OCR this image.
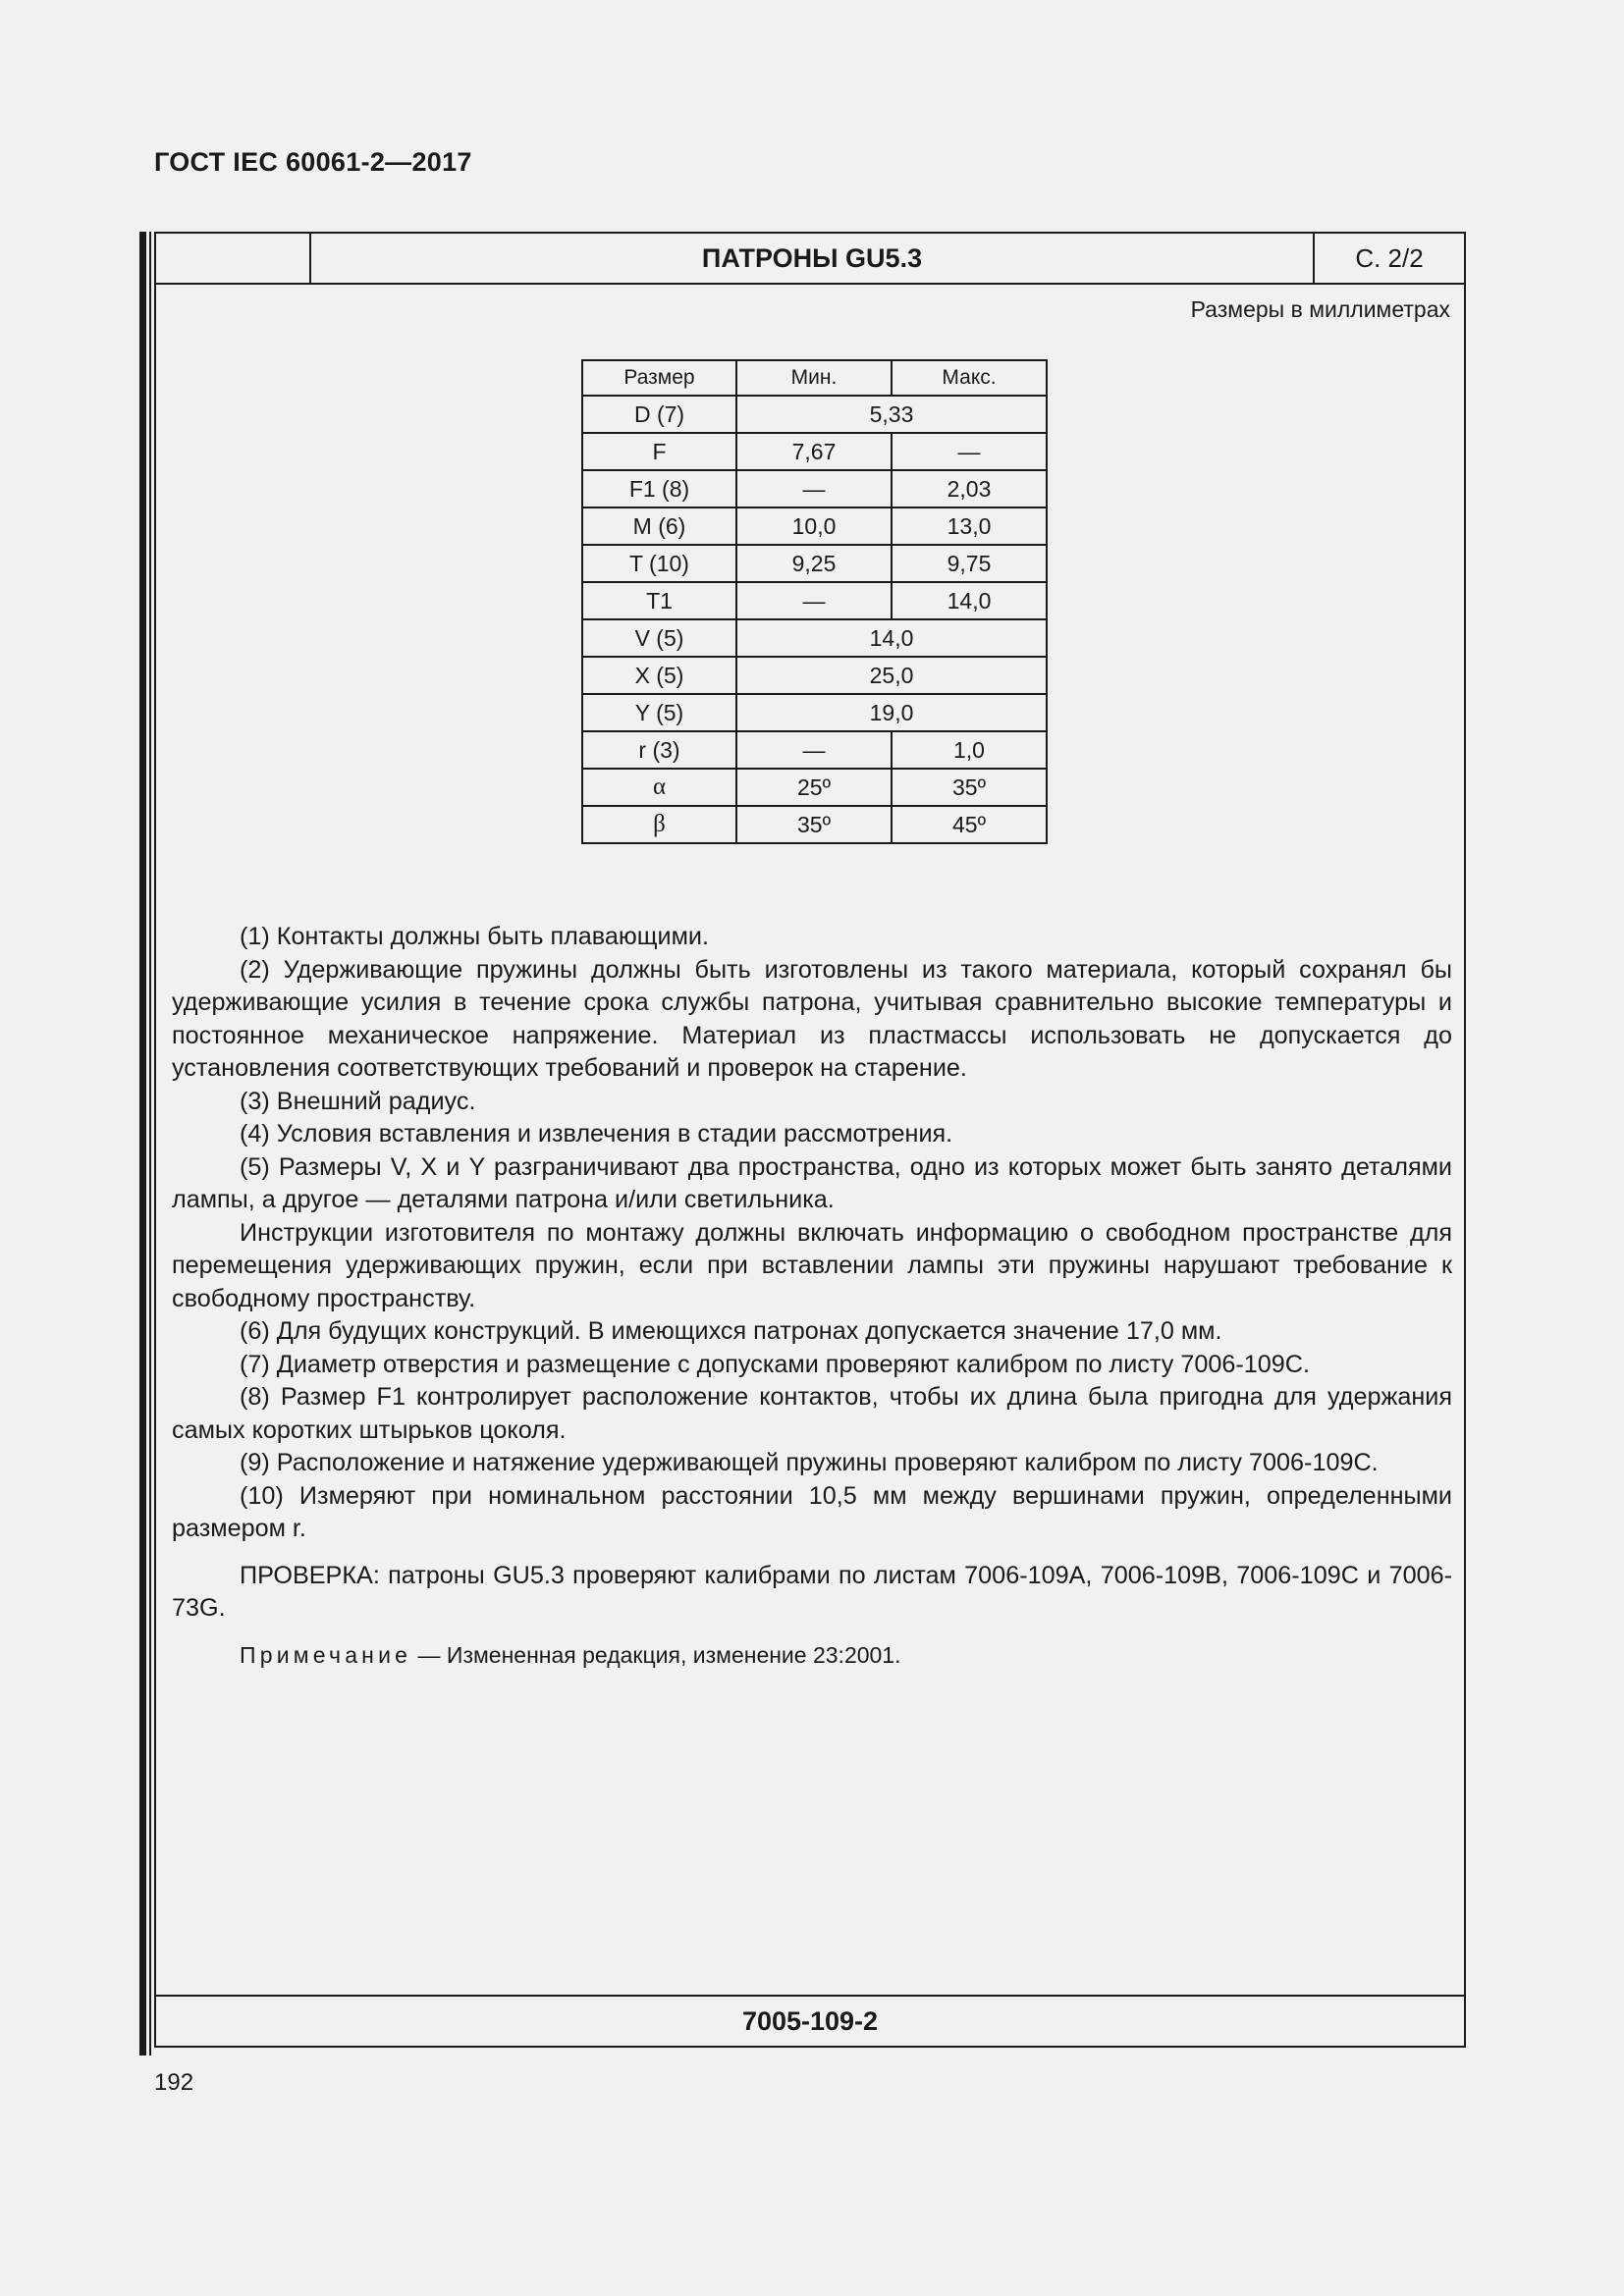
ГОСТ IEC 60061-2—2017
ПАТРОНЫ GU5.3	С. 2/2
Размеры в миллиметрах
Размер	Мин.	Макс.
D (7)	5,33	
F	7,67	—
F1 (8)	—	2,03
M (6)	10,0	13,0
T (10)	9,25	9,75
T1	—	14,0
V (5)	14,0	
X (5)	25,0	
Y (5)	19,0	
r (3)	—	1,0
α	25º	35º
β	35º	45º

(1) Контакты должны быть плавающими.

(2) Удерживающие пружины должны быть изготовлены из такого материала, который сохранял бы удерживающие усилия в течение срока службы патрона, учитывая сравнительно высокие температуры и постоянное механическое напряжение. Материал из пластмассы использовать не допускается до установления соответствующих требований и проверок на старение.

(3) Внешний радиус.

(4) Условия вставления и извлечения в стадии рассмотрения.

(5) Размеры V, X и Y разграничивают два пространства, одно из которых может быть занято деталями лампы, а другое — деталями патрона и/или светильника.

Инструкции изготовителя по монтажу должны включать информацию о свободном пространстве для перемещения удерживающих пружин, если при вставлении лампы эти пружины нарушают требование к свободному пространству.

(6) Для будущих конструкций. В имеющихся патронах допускается значение 17,0 мм.

(7) Диаметр отверстия и размещение с допусками проверяют калибром по листу 7006-109С.

(8) Размер F1 контролирует расположение контактов, чтобы их длина была пригодна для удержания самых коротких штырьков цоколя.

(9) Расположение и натяжение удерживающей пружины проверяют калибром по листу 7006-109С.

(10) Измеряют при номинальном расстоянии 10,5 мм между вершинами пружин, определенными размером r.

ПРОВЕРКА: патроны GU5.3 проверяют калибрами по листам 7006-109A, 7006-109B, 7006-109C и 7006-73G.

Примечание — Измененная редакция, изменение 23:2001.

7005-109-2
192
